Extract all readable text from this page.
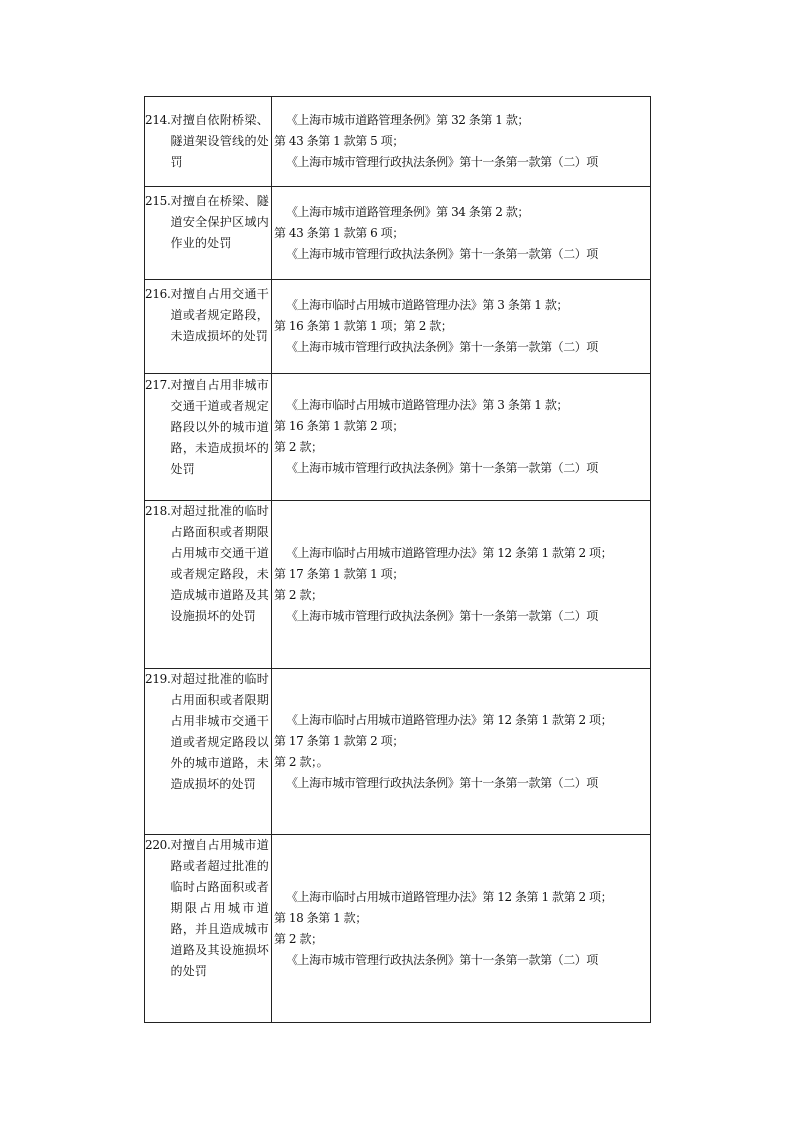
214. 对擅自依附桥梁、隧道架设管线的处罚	《上海市城市道路管理条例》第 32 条第 1 款；
第 43 条第 1 款第 5 项；
《上海市城市管理行政执法条例》第十一条第一款第（二）项

215. 对擅自在桥梁、隧道安全保护区域内作业的处罚	《上海市城市道路管理条例》第 34 条第 2 款；
第 43 条第 1 款第 6 项；
《上海市城市管理行政执法条例》第十一条第一款第（二）项

216. 对擅自占用交通干道或者规定路段，未造成损坏的处罚	《上海市临时占用城市道路管理办法》第 3 条第 1 款；
第 16 条第 1 款第 1 项；第 2 款；
《上海市城市管理行政执法条例》第十一条第一款第（二）项

217. 对擅自占用非城市交通干道或者规定路段以外的城市道路，未造成损坏的处罚	《上海市临时占用城市道路管理办法》第 3 条第 1 款；
第 16 条第 1 款第 2 项；
第 2 款；
《上海市城市管理行政执法条例》第十一条第一款第（二）项

218. 对超过批准的临时占路面积或者期限占用城市交通干道或者规定路段，未造成城市道路及其设施损坏的处罚	《上海市临时占用城市道路管理办法》第 12 条第 1 款第 2 项；
第 17 条第 1 款第 1 项；
第 2 款；
《上海市城市管理行政执法条例》第十一条第一款第（二）项

219. 对超过批准的临时占用面积或者限期占用非城市交通干道或者规定路段以外的城市道路，未造成损坏的处罚	《上海市临时占用城市道路管理办法》第 12 条第 1 款第 2 项；
第 17 条第 1 款第 2 项；
第 2 款；。
《上海市城市管理行政执法条例》第十一条第一款第（二）项

220. 对擅自占用城市道路或者超过批准的临时占路面积或者期限占用城市道路，并且造成城市道路及其设施损坏的处罚	《上海市临时占用城市道路管理办法》第 12 条第 1 款第 2 项；
第 18 条第 1 款；
第 2 款；
《上海市城市管理行政执法条例》第十一条第一款第（二）项
